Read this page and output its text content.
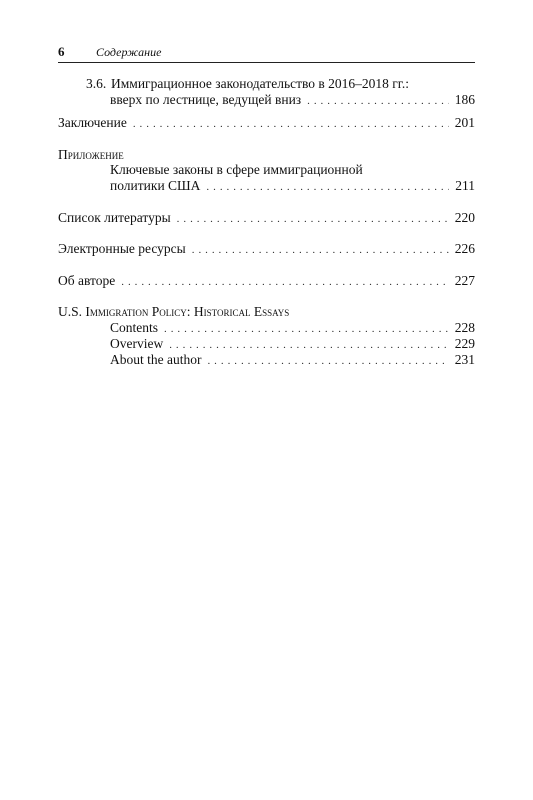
6	Содержание
3.6. Иммиграционное законодательство в 2016–2018 гг.:
вверх по лестнице, ведущей вниз . . .	186
Заключение . . .	201
Приложение
Ключевые законы в сфере иммиграционной
политики США . . .	211
Список литературы . . .	220
Электронные ресурсы . . .	226
Об авторе . . .	227
U.S. Immigration Policy: Historical Essays
Contents . . .	228
Overview . . .	229
About the author . . .	231
